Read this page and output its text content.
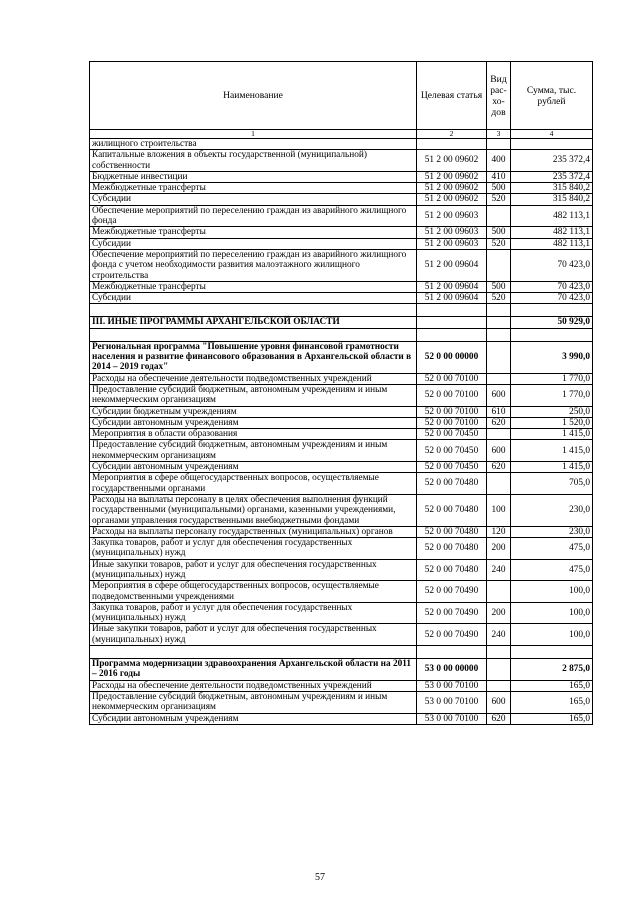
Наименование	Целевая статья	Вид рас- хо- дов	Сумма, тыс. рублей
1	2	3	4
жилищного строительства			
Капитальные вложения в объекты государственной (муниципальной) собственности	51 2 00 09602	400	235 372,4
Бюджетные инвестиции	51 2 00 09602	410	235 372,4
Межбюджетные трансферты	51 2 00 09602	500	315 840,2
Субсидии	51 2 00 09602	520	315 840,2
Обеспечение мероприятий по переселению граждан из аварийного жилищного фонда	51 2 00 09603		482 113,1
Межбюджетные трансферты	51 2 00 09603	500	482 113,1
Субсидии	51 2 00 09603	520	482 113,1
Обеспечение мероприятий по переселению граждан из аварийного жилищного фонда с учетом необходимости развития малоэтажного жилищного строительства	51 2 00 09604		70 423,0
Межбюджетные трансферты	51 2 00 09604	500	70 423,0
Субсидии	51 2 00 09604	520	70 423,0

III. ИНЫЕ ПРОГРАММЫ АРХАНГЕЛЬСКОЙ ОБЛАСТИ			50 929,0

Региональная программа "Повышение уровня финансовой грамотности населения и развитие финансового образования в Архангельской области в 2014 – 2019 годах"	52 0 00 00000		3 990,0
Расходы на обеспечение деятельности подведомственных учреждений	52 0 00 70100		1 770,0
Предоставление субсидий бюджетным, автономным учреждениям и иным некоммерческим организациям	52 0 00 70100	600	1 770,0
Субсидии бюджетным учреждениям	52 0 00 70100	610	250,0
Субсидии автономным учреждениям	52 0 00 70100	620	1 520,0
Мероприятия в области образования	52 0 00 70450		1 415,0
Предоставление субсидий бюджетным, автономным учреждениям и иным некоммерческим организациям	52 0 00 70450	600	1 415,0
Субсидии автономным учреждениям	52 0 00 70450	620	1 415,0
Мероприятия в сфере общегосударственных вопросов, осуществляемые государственными органами	52 0 00 70480		705,0
Расходы на выплаты персоналу в целях обеспечения выполнения функций государственными (муниципальными) органами, казенными учреждениями, органами управления государственными внебюджетными фондами	52 0 00 70480	100	230,0
Расходы на выплаты персоналу государственных (муниципальных) органов	52 0 00 70480	120	230,0
Закупка товаров, работ и услуг для обеспечения государственных (муниципальных) нужд	52 0 00 70480	200	475,0
Иные закупки товаров, работ и услуг для обеспечения государственных (муниципальных) нужд	52 0 00 70480	240	475,0
Мероприятия в сфере общегосударственных вопросов, осуществляемые подведомственными учреждениями	52 0 00 70490		100,0
Закупка товаров, работ и услуг для обеспечения государственных (муниципальных) нужд	52 0 00 70490	200	100,0
Иные закупки товаров, работ и услуг для обеспечения государственных (муниципальных) нужд	52 0 00 70490	240	100,0

Программа модернизации здравоохранения Архангельской области на 2011 – 2016 годы	53 0 00 00000		2 875,0
Расходы на обеспечение деятельности подведомственных учреждений	53 0 00 70100		165,0
Предоставление субсидий бюджетным, автономным учреждениям и иным некоммерческим организациям	53 0 00 70100	600	165,0
Субсидии автономным учреждениям	53 0 00 70100	620	165,0
57
